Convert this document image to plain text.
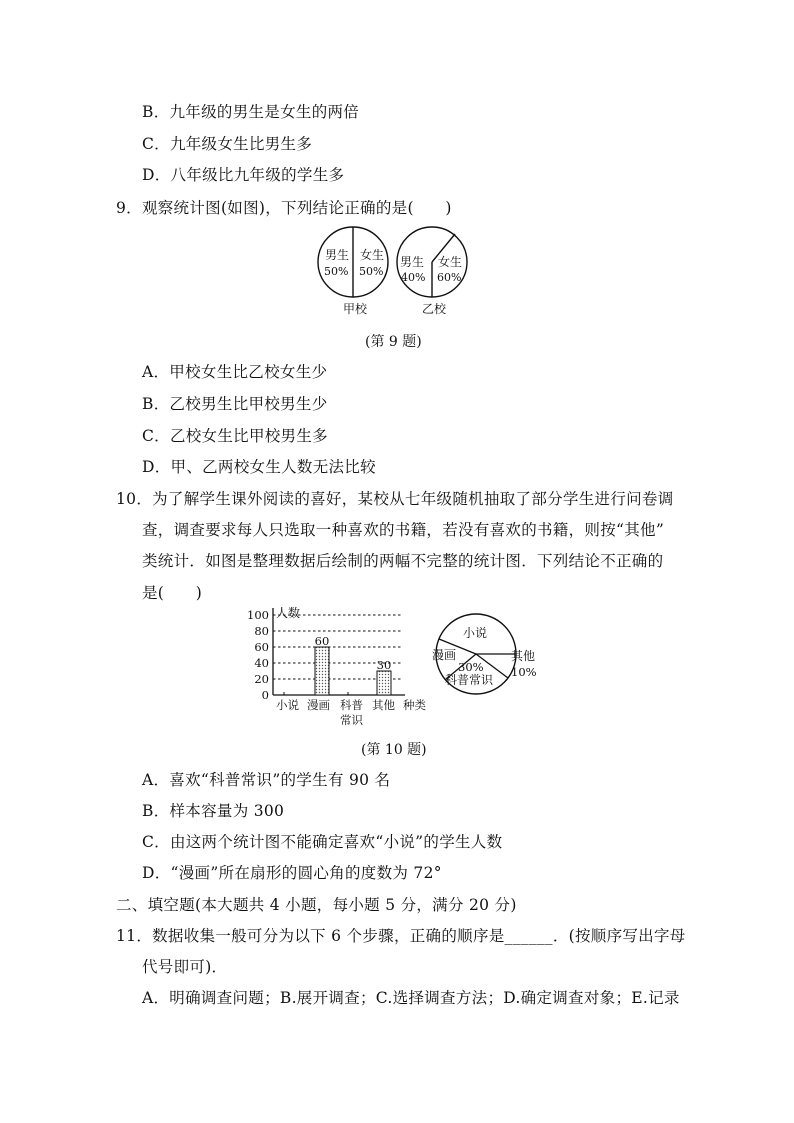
B．九年级的男生是女生的两倍
C．九年级女生比男生多
D．八年级比九年级的学生多
9．观察统计图(如图)，下列结论正确的是(　　)
男生
50%
女生
50%
甲校
男生
40%
女生
60%
乙校
(第 9 题)
A．甲校女生比乙校女生少
B．乙校男生比甲校男生少
C．乙校女生比甲校男生多
D．甲、乙两校女生人数无法比较
10．为了解学生课外阅读的喜好，某校从七年级随机抽取了部分学生进行问卷调
查，调查要求每人只选取一种喜欢的书籍，若没有喜欢的书籍，则按“其他”
类统计．如图是整理数据后绘制的两幅不完整的统计图．下列结论不正确的
是(　　)
人数
0
20
40
60
80
100
60
30
小说 漫画 科普
常识
其他 种类
小说
漫画
30%
科普常识
其他
10%
(第 10 题)
A．喜欢“科普常识”的学生有 90 名
B．样本容量为 300
C．由这两个统计图不能确定喜欢“小说”的学生人数
D．“漫画”所在扇形的圆心角的度数为 72°
二、填空题(本大题共 4 小题，每小题 5 分，满分 20 分)
11．数据收集一般可分为以下 6 个步骤，正确的顺序是______．(按顺序写出字母
代号即可)．
A．明确调查问题；B.展开调查；C.选择调查方法；D.确定调查对象；E.记录
